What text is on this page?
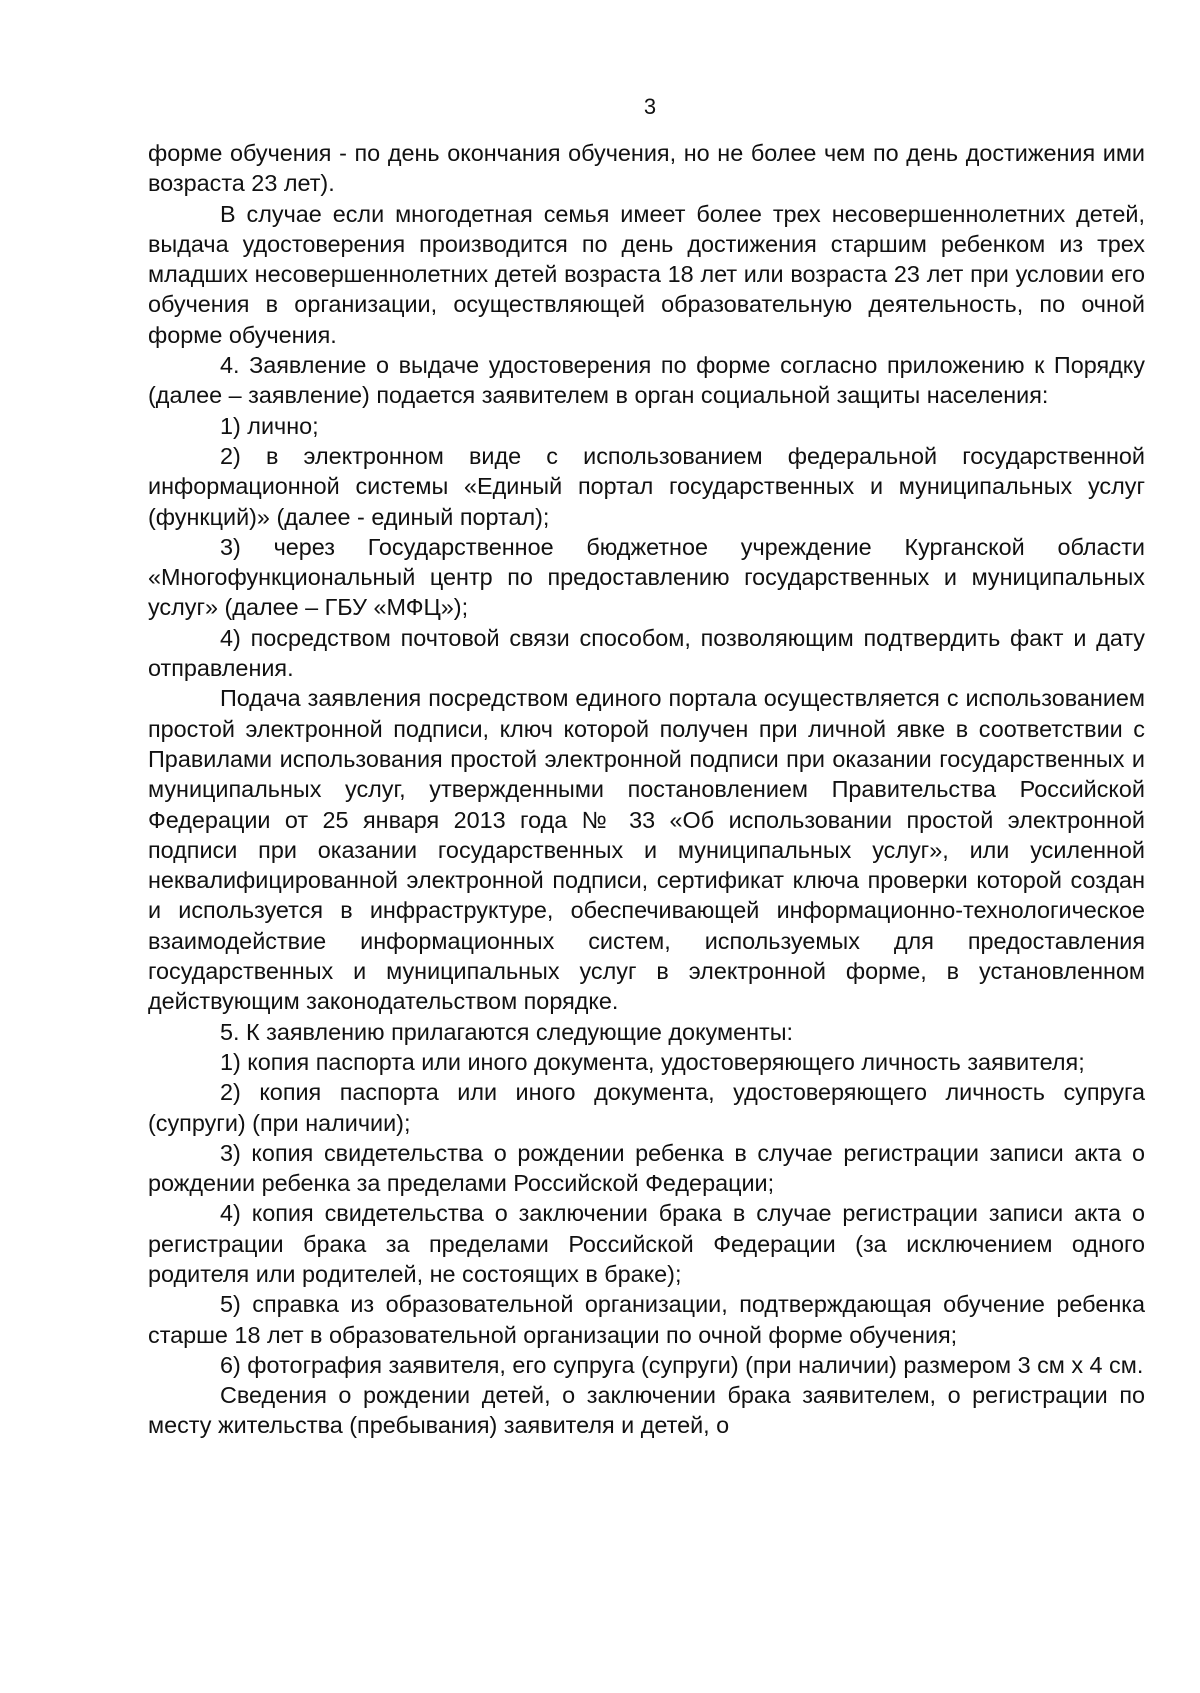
3

форме обучения - по день окончания обучения, но не более чем по день достижения ими возраста 23 лет).

В случае если многодетная семья имеет более трех несовершеннолетних детей, выдача удостоверения производится по день достижения старшим ребенком из трех младших несовершеннолетних детей возраста 18 лет или возраста 23 лет при условии его обучения в организации, осуществляющей образовательную деятельность, по очной форме обучения.

4. Заявление о выдаче удостоверения по форме согласно приложению к Порядку (далее – заявление) подается заявителем в орган социальной защиты населения:

1) лично;

2) в электронном виде с использованием федеральной государственной информационной системы «Единый портал государственных и муниципальных услуг (функций)» (далее - единый портал);

3) через Государственное бюджетное учреждение Курганской области «Многофункциональный центр по предоставлению государственных и муниципальных услуг» (далее – ГБУ «МФЦ»);

4) посредством почтовой связи способом, позволяющим подтвердить факт и дату отправления.

Подача заявления посредством единого портала осуществляется с использованием простой электронной подписи, ключ которой получен при личной явке в соответствии с Правилами использования простой электронной подписи при оказании государственных и муниципальных услуг, утвержденными постановлением Правительства Российской Федерации от 25 января 2013 года № 33 «Об использовании простой электронной подписи при оказании государственных и муниципальных услуг», или усиленной неквалифицированной электронной подписи, сертификат ключа проверки которой создан и используется в инфраструктуре, обеспечивающей информационно-технологическое взаимодействие информационных систем, используемых для предоставления государственных и муниципальных услуг в электронной форме, в установленном действующим законодательством порядке.

5. К заявлению прилагаются следующие документы:

1) копия паспорта или иного документа, удостоверяющего личность заявителя;

2) копия паспорта или иного документа, удостоверяющего личность супруга (супруги) (при наличии);

3) копия свидетельства о рождении ребенка в случае регистрации записи акта о рождении ребенка за пределами Российской Федерации;

4) копия свидетельства о заключении брака в случае регистрации записи акта о регистрации брака за пределами Российской Федерации (за исключением одного родителя или родителей, не состоящих в браке);

5) справка из образовательной организации, подтверждающая обучение ребенка старше 18 лет в образовательной организации по очной форме обучения;

6) фотография заявителя, его супруга (супруги) (при наличии) размером 3 см x 4 см.

Сведения о рождении детей, о заключении брака заявителем, о регистрации по месту жительства (пребывания) заявителя и детей, о
